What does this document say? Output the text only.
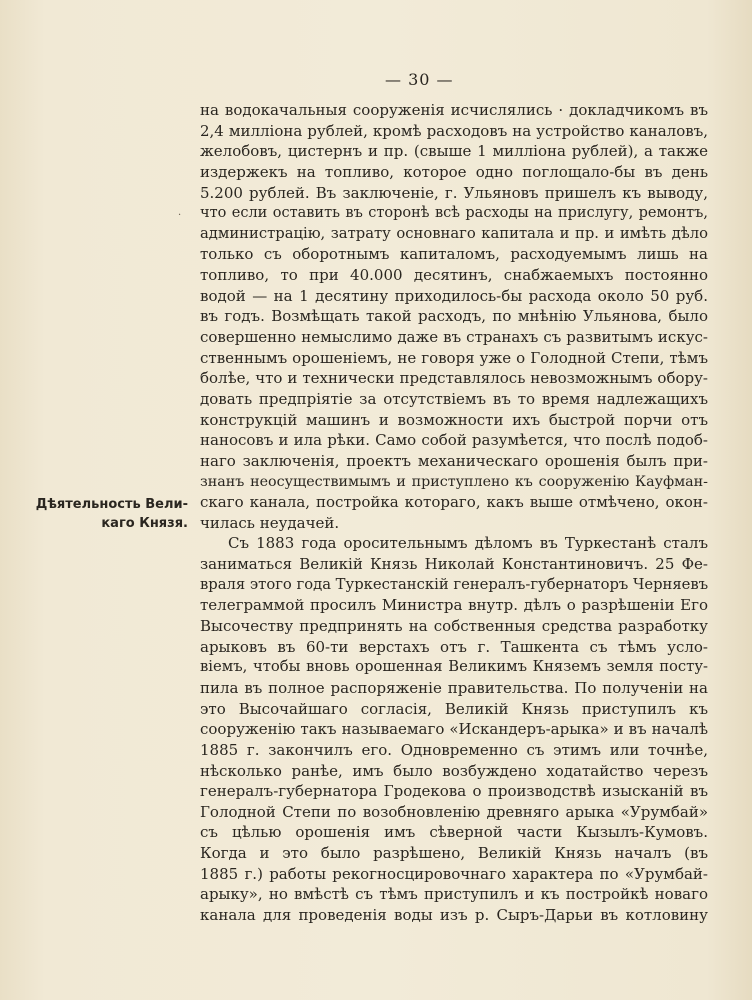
— 30 —
·
Дѣятельность Вели-
каго Князя.
на водокачальныя сооруженія исчислялись · докладчикомъ въ
2,4 милліона рублей, кромѣ расходовъ на устройство каналовъ,
желобовъ, цистернъ и пр. (свыше 1 милліона рублей), а также
издержекъ на топливо, которое одно поглощало-бы въ день
5.200 рублей. Въ заключеніе, г. Ульяновъ пришелъ къ выводу,
что если оставить въ сторонѣ всѣ расходы на прислугу, ремонтъ,
администрацію, затрату основнаго капитала и пр. и имѣть дѣло
только съ оборотнымъ капиталомъ, расходуемымъ лишь на
топливо, то при 40.000 десятинъ, снабжаемыхъ постоянно
водой — на 1 десятину приходилось-бы расхода около 50 руб.
въ годъ. Возмѣщать такой расходъ, по мнѣнію Ульянова, было
совершенно немыслимо даже въ странахъ съ развитымъ искус-
ственнымъ орошеніемъ, не говоря уже о Голодной Степи, тѣмъ
болѣе, что и технически представлялось невозможнымъ обору-
довать предпріятіе за отсутствіемъ въ то время надлежащихъ
конструкцій машинъ и возможности ихъ быстрой порчи отъ
наносовъ и ила рѣки. Само собой разумѣется, что послѣ подоб-
наго заключенія, проектъ механическаго орошенія былъ при-
знанъ неосуществимымъ и приступлено къ сооруженію Кауфман-
скаго канала, постройка котораго, какъ выше отмѣчено, окон-
чилась неудачей.
Съ 1883 года оросительнымъ дѣломъ въ Туркестанѣ сталъ
заниматься Великій Князь Николай Константиновичъ. 25 Фе-
враля этого года Туркестанскій генералъ-губернаторъ Черняевъ
телеграммой просилъ Министра внутр. дѣлъ о разрѣшеніи Его
Высочеству предпринять на собственныя средства разработку
арыковъ въ 60-ти верстахъ отъ г. Ташкента съ тѣмъ усло-
віемъ, чтобы вновь орошенная Великимъ Княземъ земля посту-
пила въ полное распоряженіе правительства. По полученіи на
это Высочайшаго согласія, Великій Князь приступилъ къ
сооруженію такъ называемаго «Искандеръ-арыка» и въ началѣ
1885 г. закончилъ его. Одновременно съ этимъ или точнѣе,
нѣсколько ранѣе, имъ было возбуждено ходатайство черезъ
генералъ-губернатора Гродекова о производствѣ изысканій въ
Голодной Степи по возобновленію древняго арыка «Урумбай»
съ цѣлью орошенія имъ сѣверной части Кызылъ-Кумовъ.
Когда и это было разрѣшено, Великій Князь началъ (въ
1885 г.) работы рекогносцировочнаго характера по «Урумбай-
арыку», но вмѣстѣ съ тѣмъ приступилъ и къ постройкѣ новаго
канала для проведенія воды изъ р. Сыръ-Дарьи въ котловину
